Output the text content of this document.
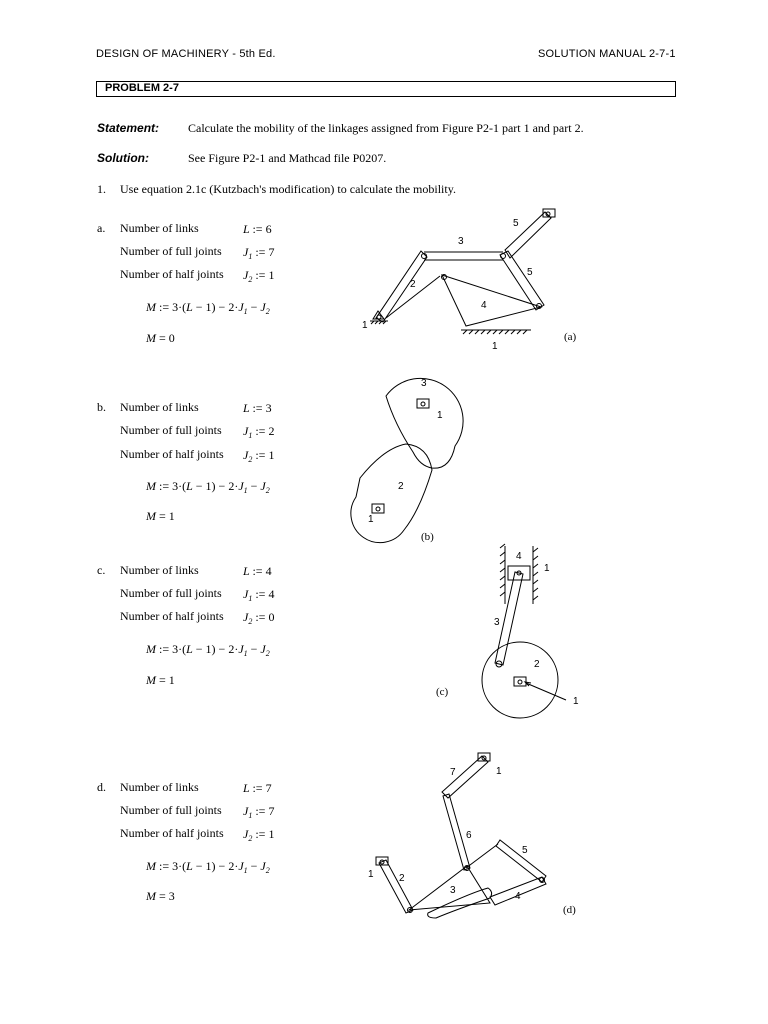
DESIGN OF MACHINERY - 5th Ed.	SOLUTION MANUAL 2-7-1
PROBLEM 2-7
Statement: Calculate the mobility of the linkages assigned from Figure P2-1 part 1 and part 2.
Solution:	See Figure P2-1 and Mathcad file P0207.
1. Use equation 2.1c (Kutzbach's modification) to calculate the mobility.
a. Number of links	L := 6
Number of full joints $J_1$ := 7
Number of half joints $J_2$ := 1
M := $3\cdot(L - 1) - 2\cdot J_1 - J_2$
M = 0
b. Number of links	L := 3
Number of full joints $J_1$ := 2
Number of half joints $J_2$ := 1
M := $3\cdot(L - 1) - 2\cdot J_1 - J_2$
M = 1
c. Number of links	L := 4
Number of full joints $J_1$ := 4
Number of half joints $J_2$ := 0
M := $3\cdot(L - 1) - 2\cdot J_1 - J_2$
M = 1
d. Number of links	L := 7
Number of full joints $J_1$ := 7
Number of half joints $J_2$ := 1
M := $3\cdot(L - 1) - 2\cdot J_1 - J_2$
M = 3
(a)
(b)
(c)
(d)
5
3
2
5
4
1
1
3
1
2
1
4
1
3
2
1
7	1
6
5
1	2
3
4
